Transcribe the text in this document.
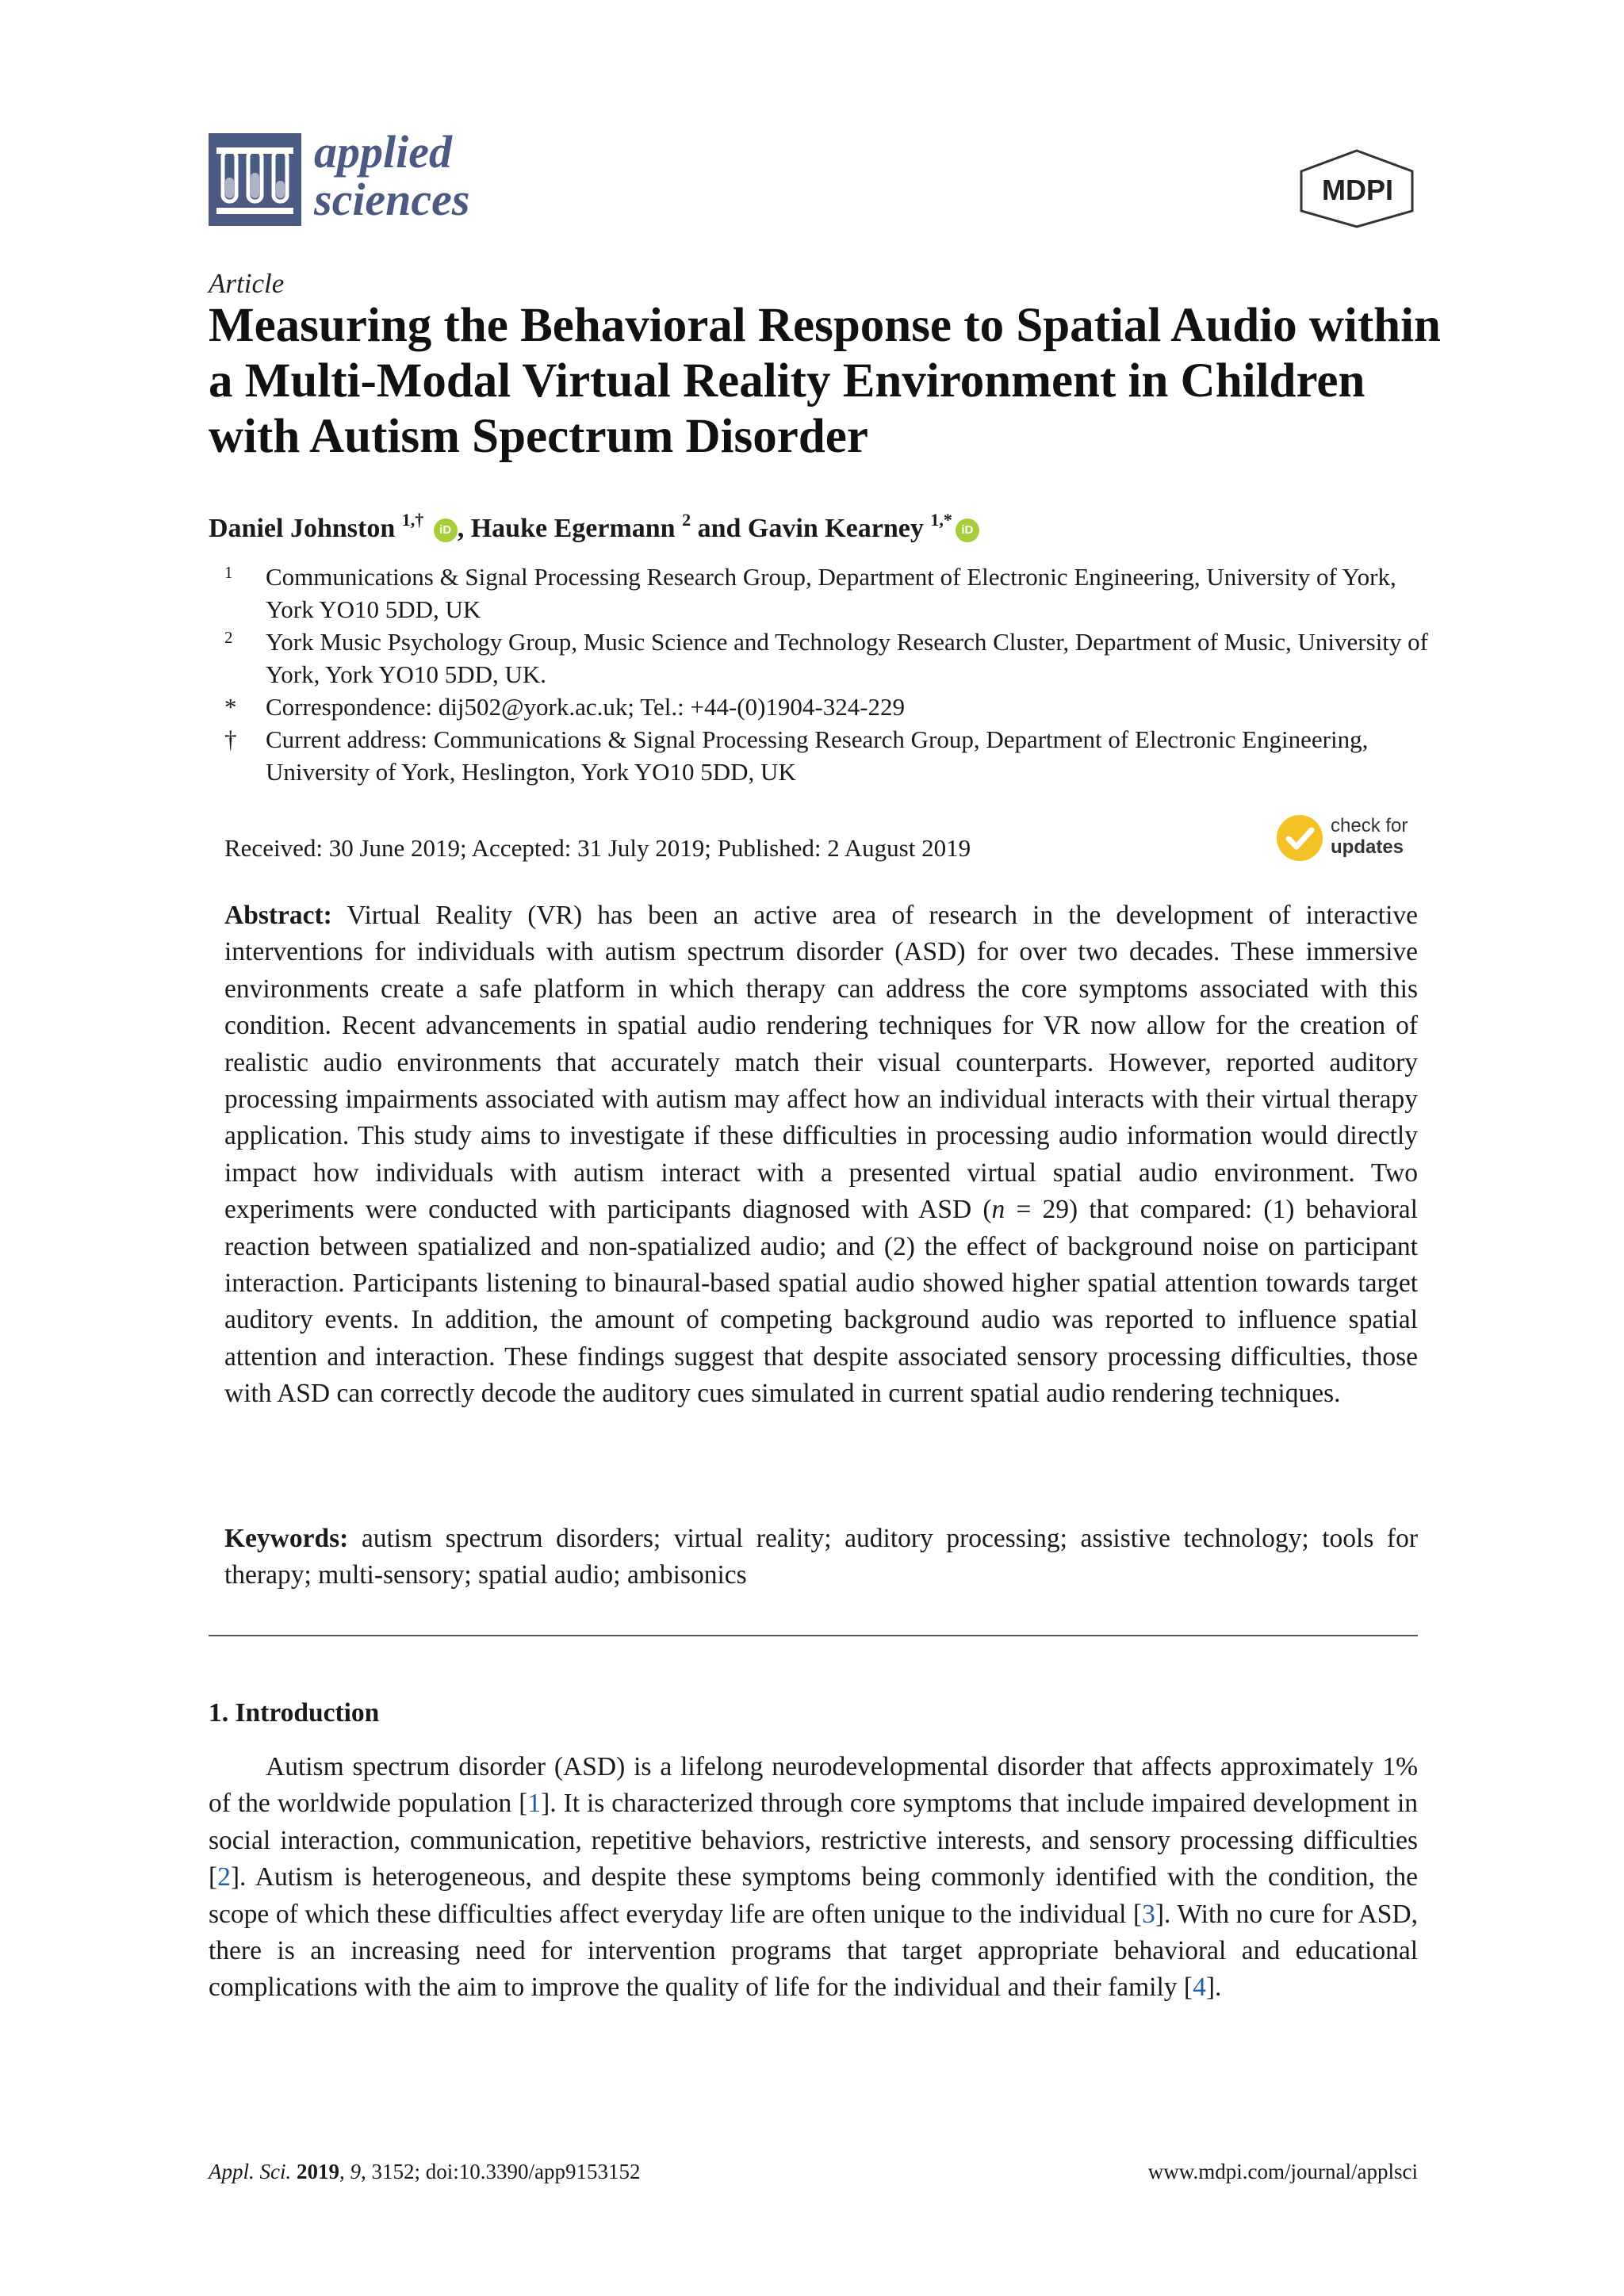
applied
sciences	MDPI
Article
Measuring the Behavioral Response to Spatial Audio within a Multi-Modal Virtual Reality Environment in Children with Autism Spectrum Disorder
Daniel Johnston $^{1,\dagger}$ iD , Hauke Egermann $^2$ and Gavin Kearney $^{1,*}$iD
1 Communications & Signal Processing Research Group, Department of Electronic Engineering, University of York, York YO10 5DD, UK
2 York Music Psychology Group, Music Science and Technology Research Cluster, Department of Music, University of York, York YO10 5DD, UK.
* Correspondence: dij502@york.ac.uk; Tel.: +44-(0)1904-324-229
† Current address: Communications & Signal Processing Research Group, Department of Electronic Engineering, University of York, Heslington, York YO10 5DD, UK
Received: 30 June 2019; Accepted: 31 July 2019; Published: 2 August 2019
check for
updates
Abstract: Virtual Reality (VR) has been an active area of research in the development of interactive interventions for individuals with autism spectrum disorder (ASD) for over two decades. These immersive environments create a safe platform in which therapy can address the core symptoms associated with this condition. Recent advancements in spatial audio rendering techniques for VR now allow for the creation of realistic audio environments that accurately match their visual counterparts. However, reported auditory processing impairments associated with autism may affect how an individual interacts with their virtual therapy application. This study aims to investigate if these difficulties in processing audio information would directly impact how individuals with autism interact with a presented virtual spatial audio environment. Two experiments were conducted with participants diagnosed with ASD (n = 29) that compared: (1) behavioral reaction between spatialized and non-spatialized audio; and (2) the effect of background noise on participant interaction. Participants listening to binaural-based spatial audio showed higher spatial attention towards target auditory events. In addition, the amount of competing background audio was reported to influence spatial attention and interaction. These findings suggest that despite associated sensory processing difficulties, those with ASD can correctly decode the auditory cues simulated in current spatial audio rendering techniques.
Keywords: autism spectrum disorders; virtual reality; auditory processing; assistive technology; tools for therapy; multi-sensory; spatial audio; ambisonics
1. Introduction
Autism spectrum disorder (ASD) is a lifelong neurodevelopmental disorder that affects approximately 1% of the worldwide population [1]. It is characterized through core symptoms that include impaired development in social interaction, communication, repetitive behaviors, restrictive interests, and sensory processing difficulties [2]. Autism is heterogeneous, and despite these symptoms being commonly identified with the condition, the scope of which these difficulties affect everyday life are often unique to the individual [3]. With no cure for ASD, there is an increasing need for intervention programs that target appropriate behavioral and educational complications with the aim to improve the quality of life for the individual and their family [4].
Appl. Sci. 2019, 9, 3152; doi:10.3390/app9153152	www.mdpi.com/journal/applsci
